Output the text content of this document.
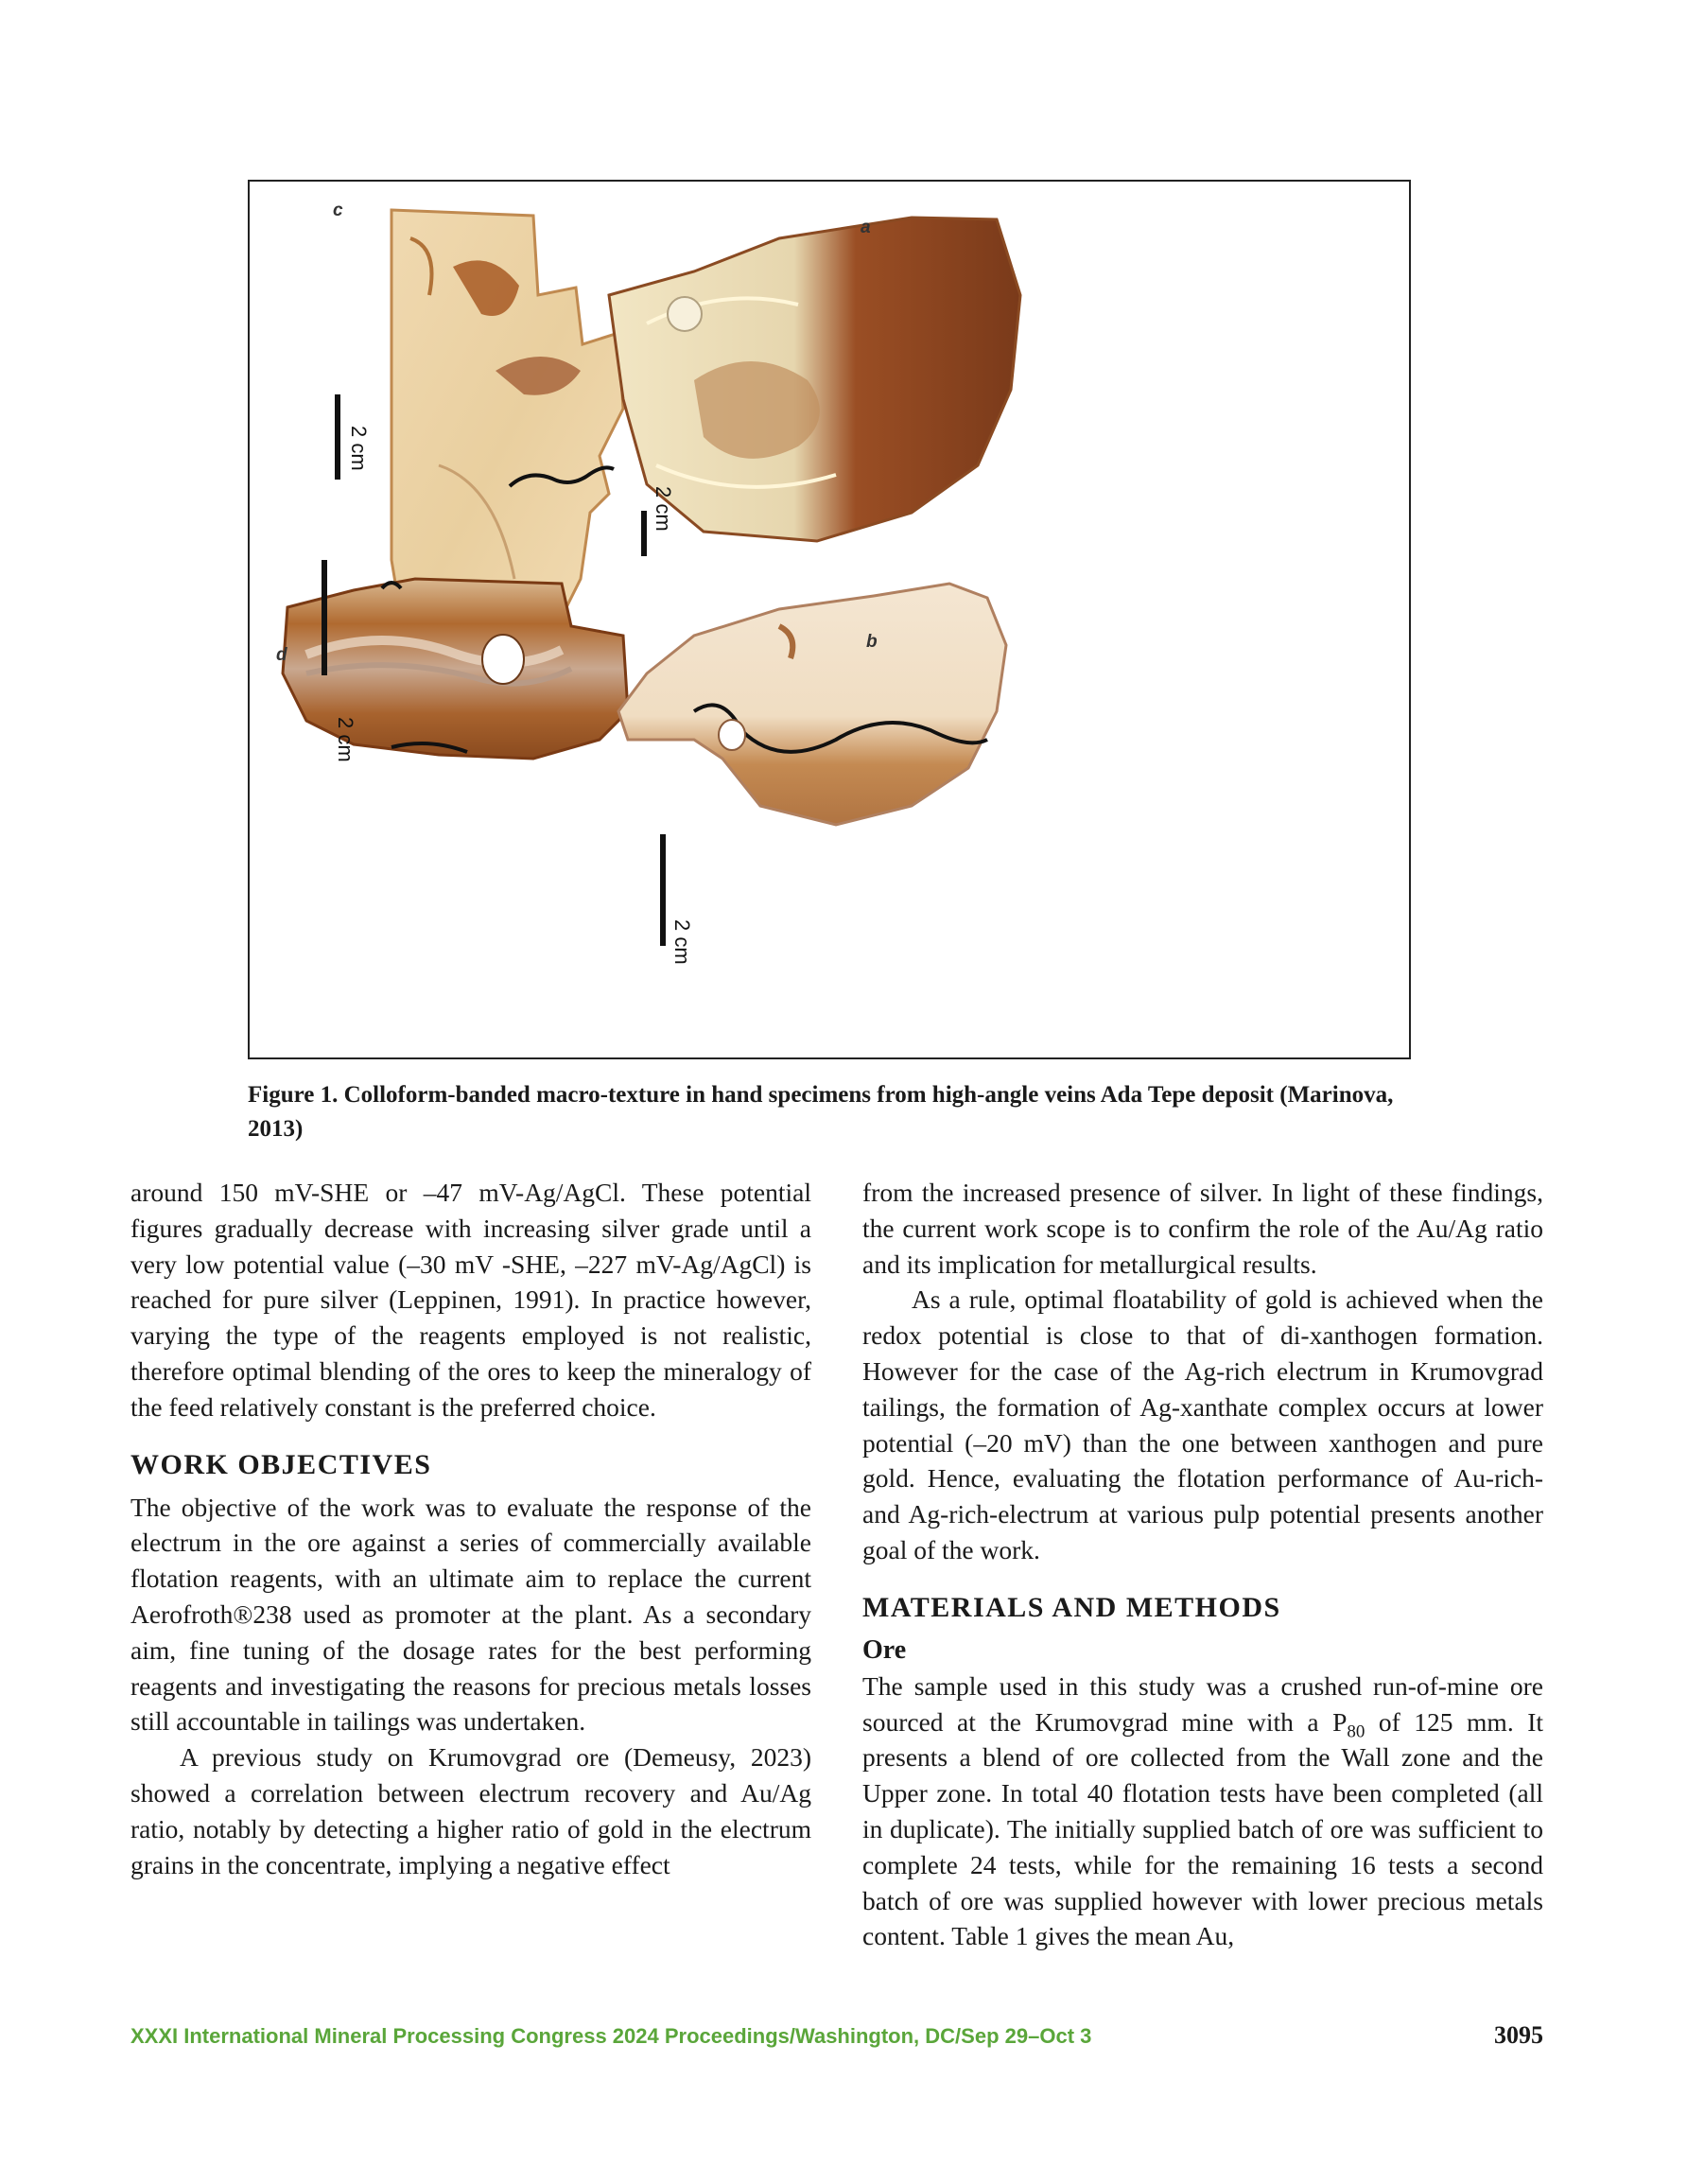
c
a
d
b
2 cm
2 cm
2 cm
2 cm
Figure 1. Colloform-banded macro-texture in hand specimens from high-angle veins Ada Tepe deposit (Marinova, 2013)

around 150 mV-SHE or –47 mV-Ag/AgCl. These potential figures gradually decrease with increasing silver grade until a very low potential value (–30 mV -SHE, –227 mV-Ag/AgCl) is reached for pure silver (Leppinen, 1991). In practice however, varying the type of the reagents employed is not realistic, therefore optimal blending of the ores to keep the mineralogy of the feed relatively constant is the preferred choice.

WORK OBJECTIVES

The objective of the work was to evaluate the response of the electrum in the ore against a series of commercially available flotation reagents, with an ultimate aim to replace the current Aerofroth®238 used as promoter at the plant. As a secondary aim, fine tuning of the dosage rates for the best performing reagents and investigating the reasons for precious metals losses still accountable in tailings was undertaken.

A previous study on Krumovgrad ore (Demeusy, 2023) showed a correlation between electrum recovery and Au/Ag ratio, notably by detecting a higher ratio of gold in the electrum grains in the concentrate, implying a negative effect

from the increased presence of silver. In light of these findings, the current work scope is to confirm the role of the Au/Ag ratio and its implication for metallurgical results.

As a rule, optimal floatability of gold is achieved when the redox potential is close to that of di-xanthogen formation. However for the case of the Ag-rich electrum in Krumovgrad tailings, the formation of Ag-xanthate complex occurs at lower potential (–20 mV) than the one between xanthogen and pure gold. Hence, evaluating the flotation performance of Au-rich- and Ag-rich-electrum at various pulp potential presents another goal of the work.

MATERIALS AND METHODS
Ore

The sample used in this study was a crushed run-of-mine ore sourced at the Krumovgrad mine with a $P_{80}$ of 125 mm. It presents a blend of ore collected from the Wall zone and the Upper zone. In total 40 flotation tests have been completed (all in duplicate). The initially supplied batch of ore was sufficient to complete 24 tests, while for the remaining 16 tests a second batch of ore was supplied however with lower precious metals content. Table 1 gives the mean Au,

XXXI International Mineral Processing Congress 2024 Proceedings/Washington, DC/Sep 29–Oct 3	3095
